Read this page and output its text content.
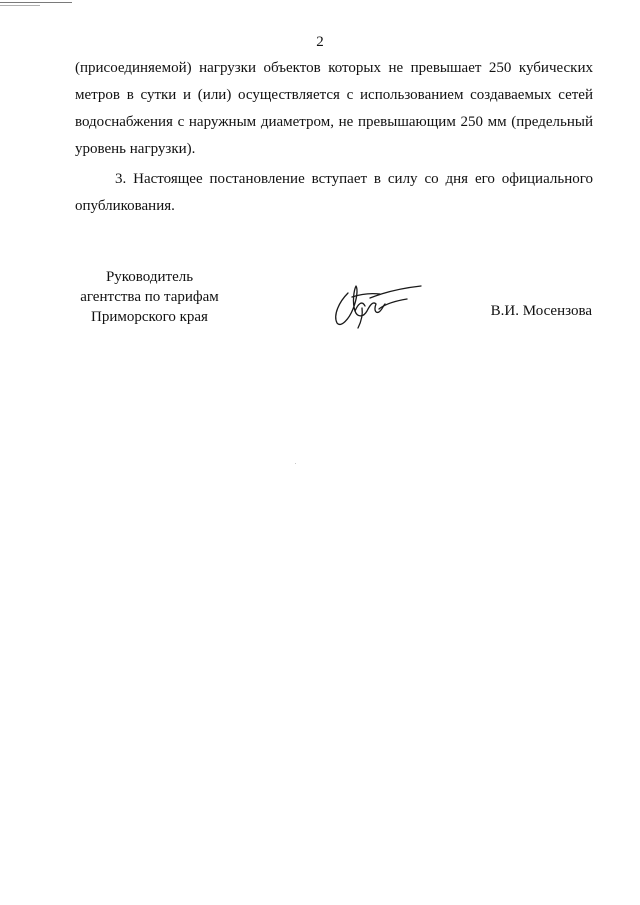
2

(присоединяемой) нагрузки объектов которых не превышает 250 кубических метров в сутки и (или) осуществляется с использованием создаваемых сетей водоснабжения с наружным диаметром, не превышающим 250 мм (предельный уровень нагрузки).

3. Настоящее постановление вступает в силу со дня его официального опубликования.

Руководитель
агентства по тарифам
Приморского края	В.И. Мосензова
